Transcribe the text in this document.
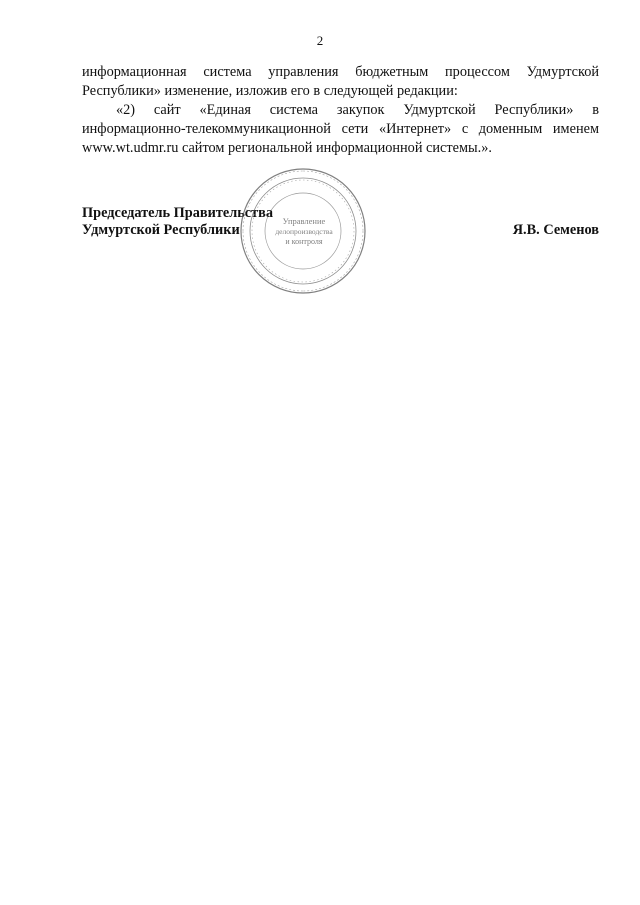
2

информационная система управления бюджетным процессом Удмуртской Республики» изменение, изложив его в следующей редакции:

«2) сайт «Единая система закупок Удмуртской Республики» в информационно-телекоммуникационной сети «Интернет» с доменным именем www.wt.udmr.ru сайтом региональной информационной системы.».

Председатель Правительства
Удмуртской Республики	Я.В. Семенов
Управление
делопроизводства
и контроля
